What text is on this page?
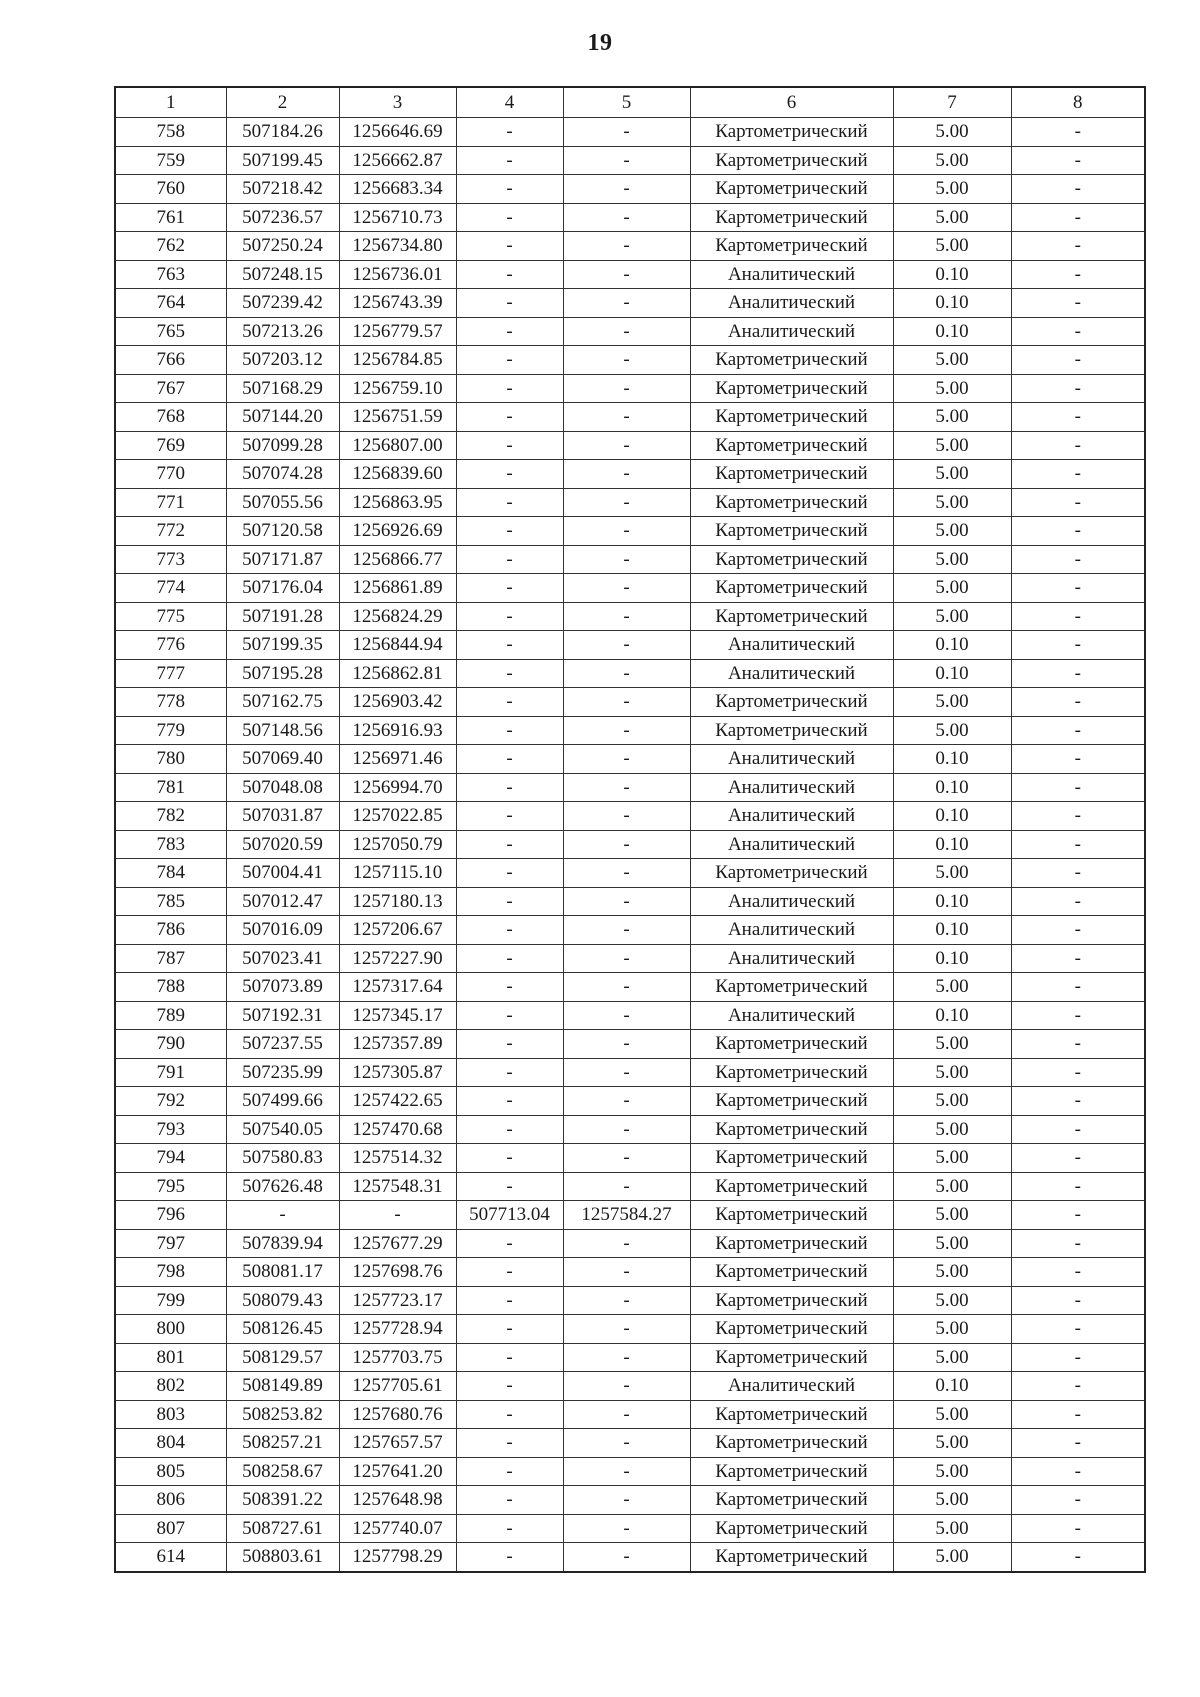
19
1	2	3	4	5	6	7	8
758	507184.26	1256646.69	-	-	Картометрический	5.00	-
759	507199.45	1256662.87	-	-	Картометрический	5.00	-
760	507218.42	1256683.34	-	-	Картометрический	5.00	-
761	507236.57	1256710.73	-	-	Картометрический	5.00	-
762	507250.24	1256734.80	-	-	Картометрический	5.00	-
763	507248.15	1256736.01	-	-	Аналитический	0.10	-
764	507239.42	1256743.39	-	-	Аналитический	0.10	-
765	507213.26	1256779.57	-	-	Аналитический	0.10	-
766	507203.12	1256784.85	-	-	Картометрический	5.00	-
767	507168.29	1256759.10	-	-	Картометрический	5.00	-
768	507144.20	1256751.59	-	-	Картометрический	5.00	-
769	507099.28	1256807.00	-	-	Картометрический	5.00	-
770	507074.28	1256839.60	-	-	Картометрический	5.00	-
771	507055.56	1256863.95	-	-	Картометрический	5.00	-
772	507120.58	1256926.69	-	-	Картометрический	5.00	-
773	507171.87	1256866.77	-	-	Картометрический	5.00	-
774	507176.04	1256861.89	-	-	Картометрический	5.00	-
775	507191.28	1256824.29	-	-	Картометрический	5.00	-
776	507199.35	1256844.94	-	-	Аналитический	0.10	-
777	507195.28	1256862.81	-	-	Аналитический	0.10	-
778	507162.75	1256903.42	-	-	Картометрический	5.00	-
779	507148.56	1256916.93	-	-	Картометрический	5.00	-
780	507069.40	1256971.46	-	-	Аналитический	0.10	-
781	507048.08	1256994.70	-	-	Аналитический	0.10	-
782	507031.87	1257022.85	-	-	Аналитический	0.10	-
783	507020.59	1257050.79	-	-	Аналитический	0.10	-
784	507004.41	1257115.10	-	-	Картометрический	5.00	-
785	507012.47	1257180.13	-	-	Аналитический	0.10	-
786	507016.09	1257206.67	-	-	Аналитический	0.10	-
787	507023.41	1257227.90	-	-	Аналитический	0.10	-
788	507073.89	1257317.64	-	-	Картометрический	5.00	-
789	507192.31	1257345.17	-	-	Аналитический	0.10	-
790	507237.55	1257357.89	-	-	Картометрический	5.00	-
791	507235.99	1257305.87	-	-	Картометрический	5.00	-
792	507499.66	1257422.65	-	-	Картометрический	5.00	-
793	507540.05	1257470.68	-	-	Картометрический	5.00	-
794	507580.83	1257514.32	-	-	Картометрический	5.00	-
795	507626.48	1257548.31	-	-	Картометрический	5.00	-
796	-	-	507713.04	1257584.27	Картометрический	5.00	-
797	507839.94	1257677.29	-	-	Картометрический	5.00	-
798	508081.17	1257698.76	-	-	Картометрический	5.00	-
799	508079.43	1257723.17	-	-	Картометрический	5.00	-
800	508126.45	1257728.94	-	-	Картометрический	5.00	-
801	508129.57	1257703.75	-	-	Картометрический	5.00	-
802	508149.89	1257705.61	-	-	Аналитический	0.10	-
803	508253.82	1257680.76	-	-	Картометрический	5.00	-
804	508257.21	1257657.57	-	-	Картометрический	5.00	-
805	508258.67	1257641.20	-	-	Картометрический	5.00	-
806	508391.22	1257648.98	-	-	Картометрический	5.00	-
807	508727.61	1257740.07	-	-	Картометрический	5.00	-
614	508803.61	1257798.29	-	-	Картометрический	5.00	-
